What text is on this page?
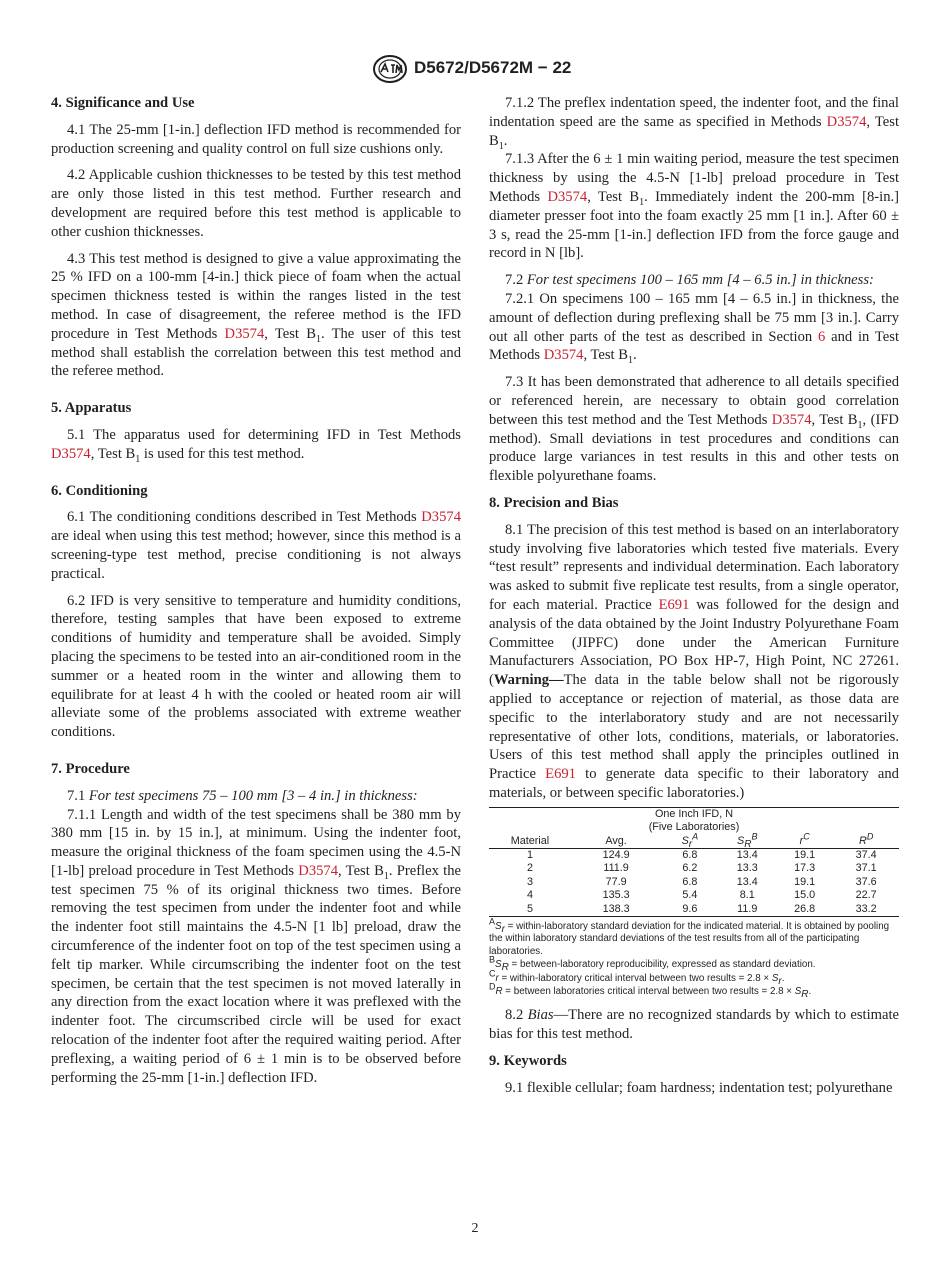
D5672/D5672M − 22
4. Significance and Use

4.1 The 25-mm [1-in.] deflection IFD method is recommended for production screening and quality control on full size cushions only.

4.2 Applicable cushion thicknesses to be tested by this test method are only those listed in this test method. Further research and development are required before this test method is applicable to other cushion thicknesses.

4.3 This test method is designed to give a value approximating the 25 % IFD on a 100-mm [4-in.] thick piece of foam when the actual specimen thickness tested is within the ranges listed in the test method. In case of disagreement, the referee method is the IFD procedure in Test Methods D3574, Test $B_1$. The user of this test method shall establish the correlation between this test method and the referee method.

5. Apparatus

5.1 The apparatus used for determining IFD in Test Methods D3574, Test $B_1$ is used for this test method.

6. Conditioning

6.1 The conditioning conditions described in Test Methods D3574 are ideal when using this test method; however, since this method is a screening-type test method, precise conditioning is not always practical.

6.2 IFD is very sensitive to temperature and humidity conditions, therefore, testing samples that have been exposed to extreme conditions of humidity and temperature shall be avoided. Simply placing the specimens to be tested into an air-conditioned room in the summer or a heated room in the winter and allowing them to equilibrate for at least 4 h with the cooled or heated room air will alleviate some of the problems associated with extreme weather conditions.

7. Procedure

7.1 For test specimens 75 – 100 mm [3 – 4 in.] in thickness:

7.1.1 Length and width of the test specimens shall be 380 mm by 380 mm [15 in. by 15 in.], at minimum. Using the indenter foot, measure the original thickness of the foam specimen using the 4.5-N [1-lb] preload procedure in Test Methods D3574, Test $B_1$. Preflex the test specimen 75 % of its original thickness two times. Before removing the test specimen from under the indenter foot and while the indenter foot still maintains the 4.5-N [1 lb] preload, draw the circumference of the indenter foot on top of the test specimen using a felt tip marker. While circumscribing the indenter foot on the test specimen, be certain that the test specimen is not moved laterally in any direction from the exact location where it was preflexed with the indenter foot. The circumscribed circle will be used for exact relocation of the indenter foot after the required waiting period. After preflexing, a waiting period of 6 ± 1 min is to be observed before performing the 25-mm [1-in.] deflection IFD.

7.1.2 The preflex indentation speed, the indenter foot, and the final indentation speed are the same as specified in Methods D3574, Test $B_1$.

7.1.3 After the 6 ± 1 min waiting period, measure the test specimen thickness by using the 4.5-N [1-lb] preload procedure in Test Methods D3574, Test $B_1$. Immediately indent the 200-mm [8-in.] diameter presser foot into the foam exactly 25 mm [1 in.]. After 60 ± 3 s, read the 25-mm [1-in.] deflection IFD from the force gauge and record in N [lb].

7.2 For test specimens 100 – 165 mm [4 – 6.5 in.] in thickness:

7.2.1 On specimens 100 – 165 mm [4 – 6.5 in.] in thickness, the amount of deflection during preflexing shall be 75 mm [3 in.]. Carry out all other parts of the test as described in Section 6 and in Test Methods D3574, Test $B_1$.

7.3 It has been demonstrated that adherence to all details specified or referenced herein, are necessary to obtain good correlation between this test method and the Test Methods D3574, Test $B_1$, (IFD method). Small deviations in test procedures and conditions can produce large variances in test results in this and other tests on flexible polyurethane foams.

8. Precision and Bias

8.1 The precision of this test method is based on an interlaboratory study involving five laboratories which tested five materials. Every “test result” represents and individual determination. Each laboratory was asked to submit five replicate test results, from a single operator, for each material. Practice E691 was followed for the design and analysis of the data obtained by the Joint Industry Polyurethane Foam Committee (JIPFC) done under the American Furniture Manufacturers Association, PO Box HP-7, High Point, NC 27261. (Warning—The data in the table below shall not be rigorously applied to acceptance or rejection of material, as those data are specific to the interlaboratory study and are not necessarily representative of other lots, conditions, materials, or laboratories. Users of this test method shall apply the principles outlined in Practice E691 to generate data specific to their laboratory and materials, or between specific laboratories.)

One Inch IFD, N					
(Five Laboratories)					
Material	Avg.	$S_r^A$	$S_R^B$	$r^C$	$R^D$
1	124.9	6.8	13.4	19.1	37.4
2	111.9	6.2	13.3	17.3	37.1
3	77.9	6.8	13.4	19.1	37.6
4	135.3	5.4	8.1	15.0	22.7
5	138.3	9.6	11.9	26.8	33.2

$^AS_r$ = within-laboratory standard deviation for the indicated material. It is obtained by pooling the within laboratory standard deviations of the test results from all of the participating laboratories.

$^BS_R$ = between-laboratory reproducibility, expressed as standard deviation.

$^C$r = within-laboratory critical interval between two results = $2.8 \times S_r$.

$^D$R = between laboratories critical interval between two results = $2.8 \times S_R$.

8.2 Bias—There are no recognized standards by which to estimate bias for this test method.

9. Keywords

9.1 flexible cellular; foam hardness; indentation test; polyurethane

2
